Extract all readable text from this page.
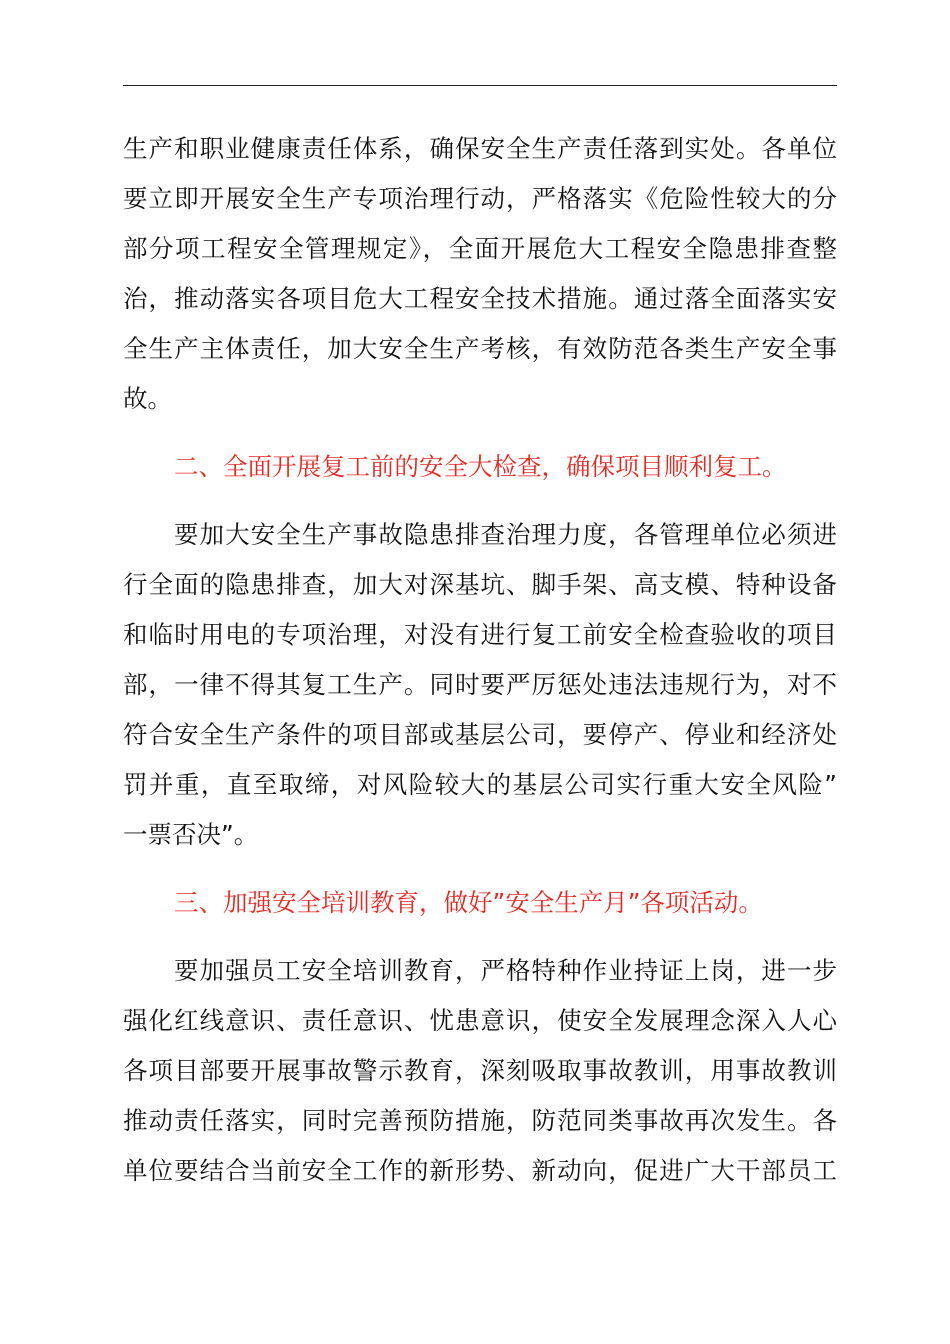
生产和职业健康责任体系，确保安全生产责任落到实处。各单位
要立即开展安全生产专项治理行动，严格落实《危险性较大的分
部分项工程安全管理规定》，全面开展危大工程安全隐患排查整
治，推动落实各项目危大工程安全技术措施。通过落全面落实安
全生产主体责任，加大安全生产考核，有效防范各类生产安全事
故。
二、全面开展复工前的安全大检查，确保项目顺利复工。
要加大安全生产事故隐患排查治理力度，各管理单位必须进
行全面的隐患排查，加大对深基坑、脚手架、高支模、特种设备
和临时用电的专项治理，对没有进行复工前安全检查验收的项目
部，一律不得其复工生产。同时要严厉惩处违法违规行为，对不
符合安全生产条件的项目部或基层公司，要停产、停业和经济处
罚并重，直至取缔，对风险较大的基层公司实行重大安全风险”
一票否决”。
三、加强安全培训教育，做好”安全生产月”各项活动。
要加强员工安全培训教育，严格特种作业持证上岗，进一步
强化红线意识、责任意识、忧患意识，使安全发展理念深入人心
各项目部要开展事故警示教育，深刻吸取事故教训，用事故教训
推动责任落实，同时完善预防措施，防范同类事故再次发生。各
单位要结合当前安全工作的新形势、新动向，促进广大干部员工
